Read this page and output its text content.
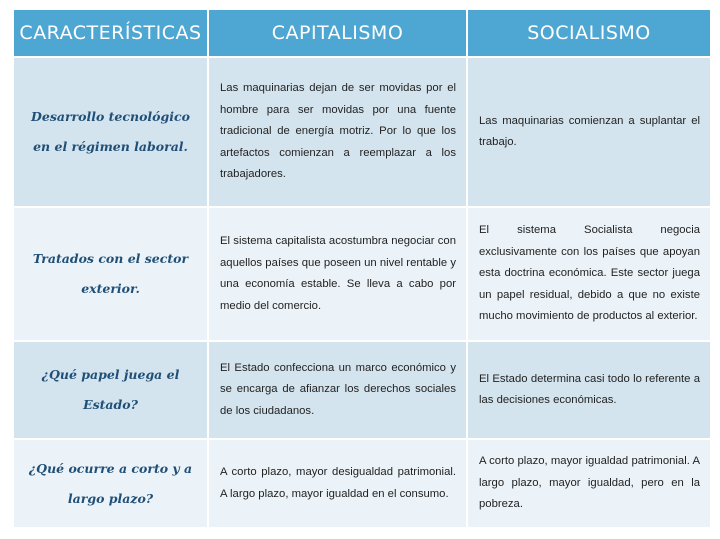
CARACTERÍSTICAS	CAPITALISMO	SOCIALISMO
Desarrollo tecnológico en el régimen laboral.
Las maquinarias dejan de ser movidas por el hombre para ser movidas por una fuente tradicional de energía motriz. Por lo que los artefactos comienzan a reemplazar a los trabajadores.
Las maquinarias comienzan a suplantar el trabajo.
Tratados con el sector exterior.
El sistema capitalista acostumbra negociar con aquellos países que poseen un nivel rentable y una economía estable. Se lleva a cabo por medio del comercio.
El sistema Socialista negocia exclusivamente con los países que apoyan esta doctrina económica. Este sector juega un papel residual, debido a que no existe mucho movimiento de productos al exterior.
¿Qué papel juega el Estado?
El Estado confecciona un marco económico y se encarga de afianzar los derechos sociales de los ciudadanos.
El Estado determina casi todo lo referente a las decisiones económicas.
¿Qué ocurre a corto y a largo plazo?
A corto plazo, mayor desigualdad patrimonial. A largo plazo, mayor igualdad en el consumo.
A corto plazo, mayor igualdad patrimonial. A largo plazo, mayor igualdad, pero en la pobreza.
